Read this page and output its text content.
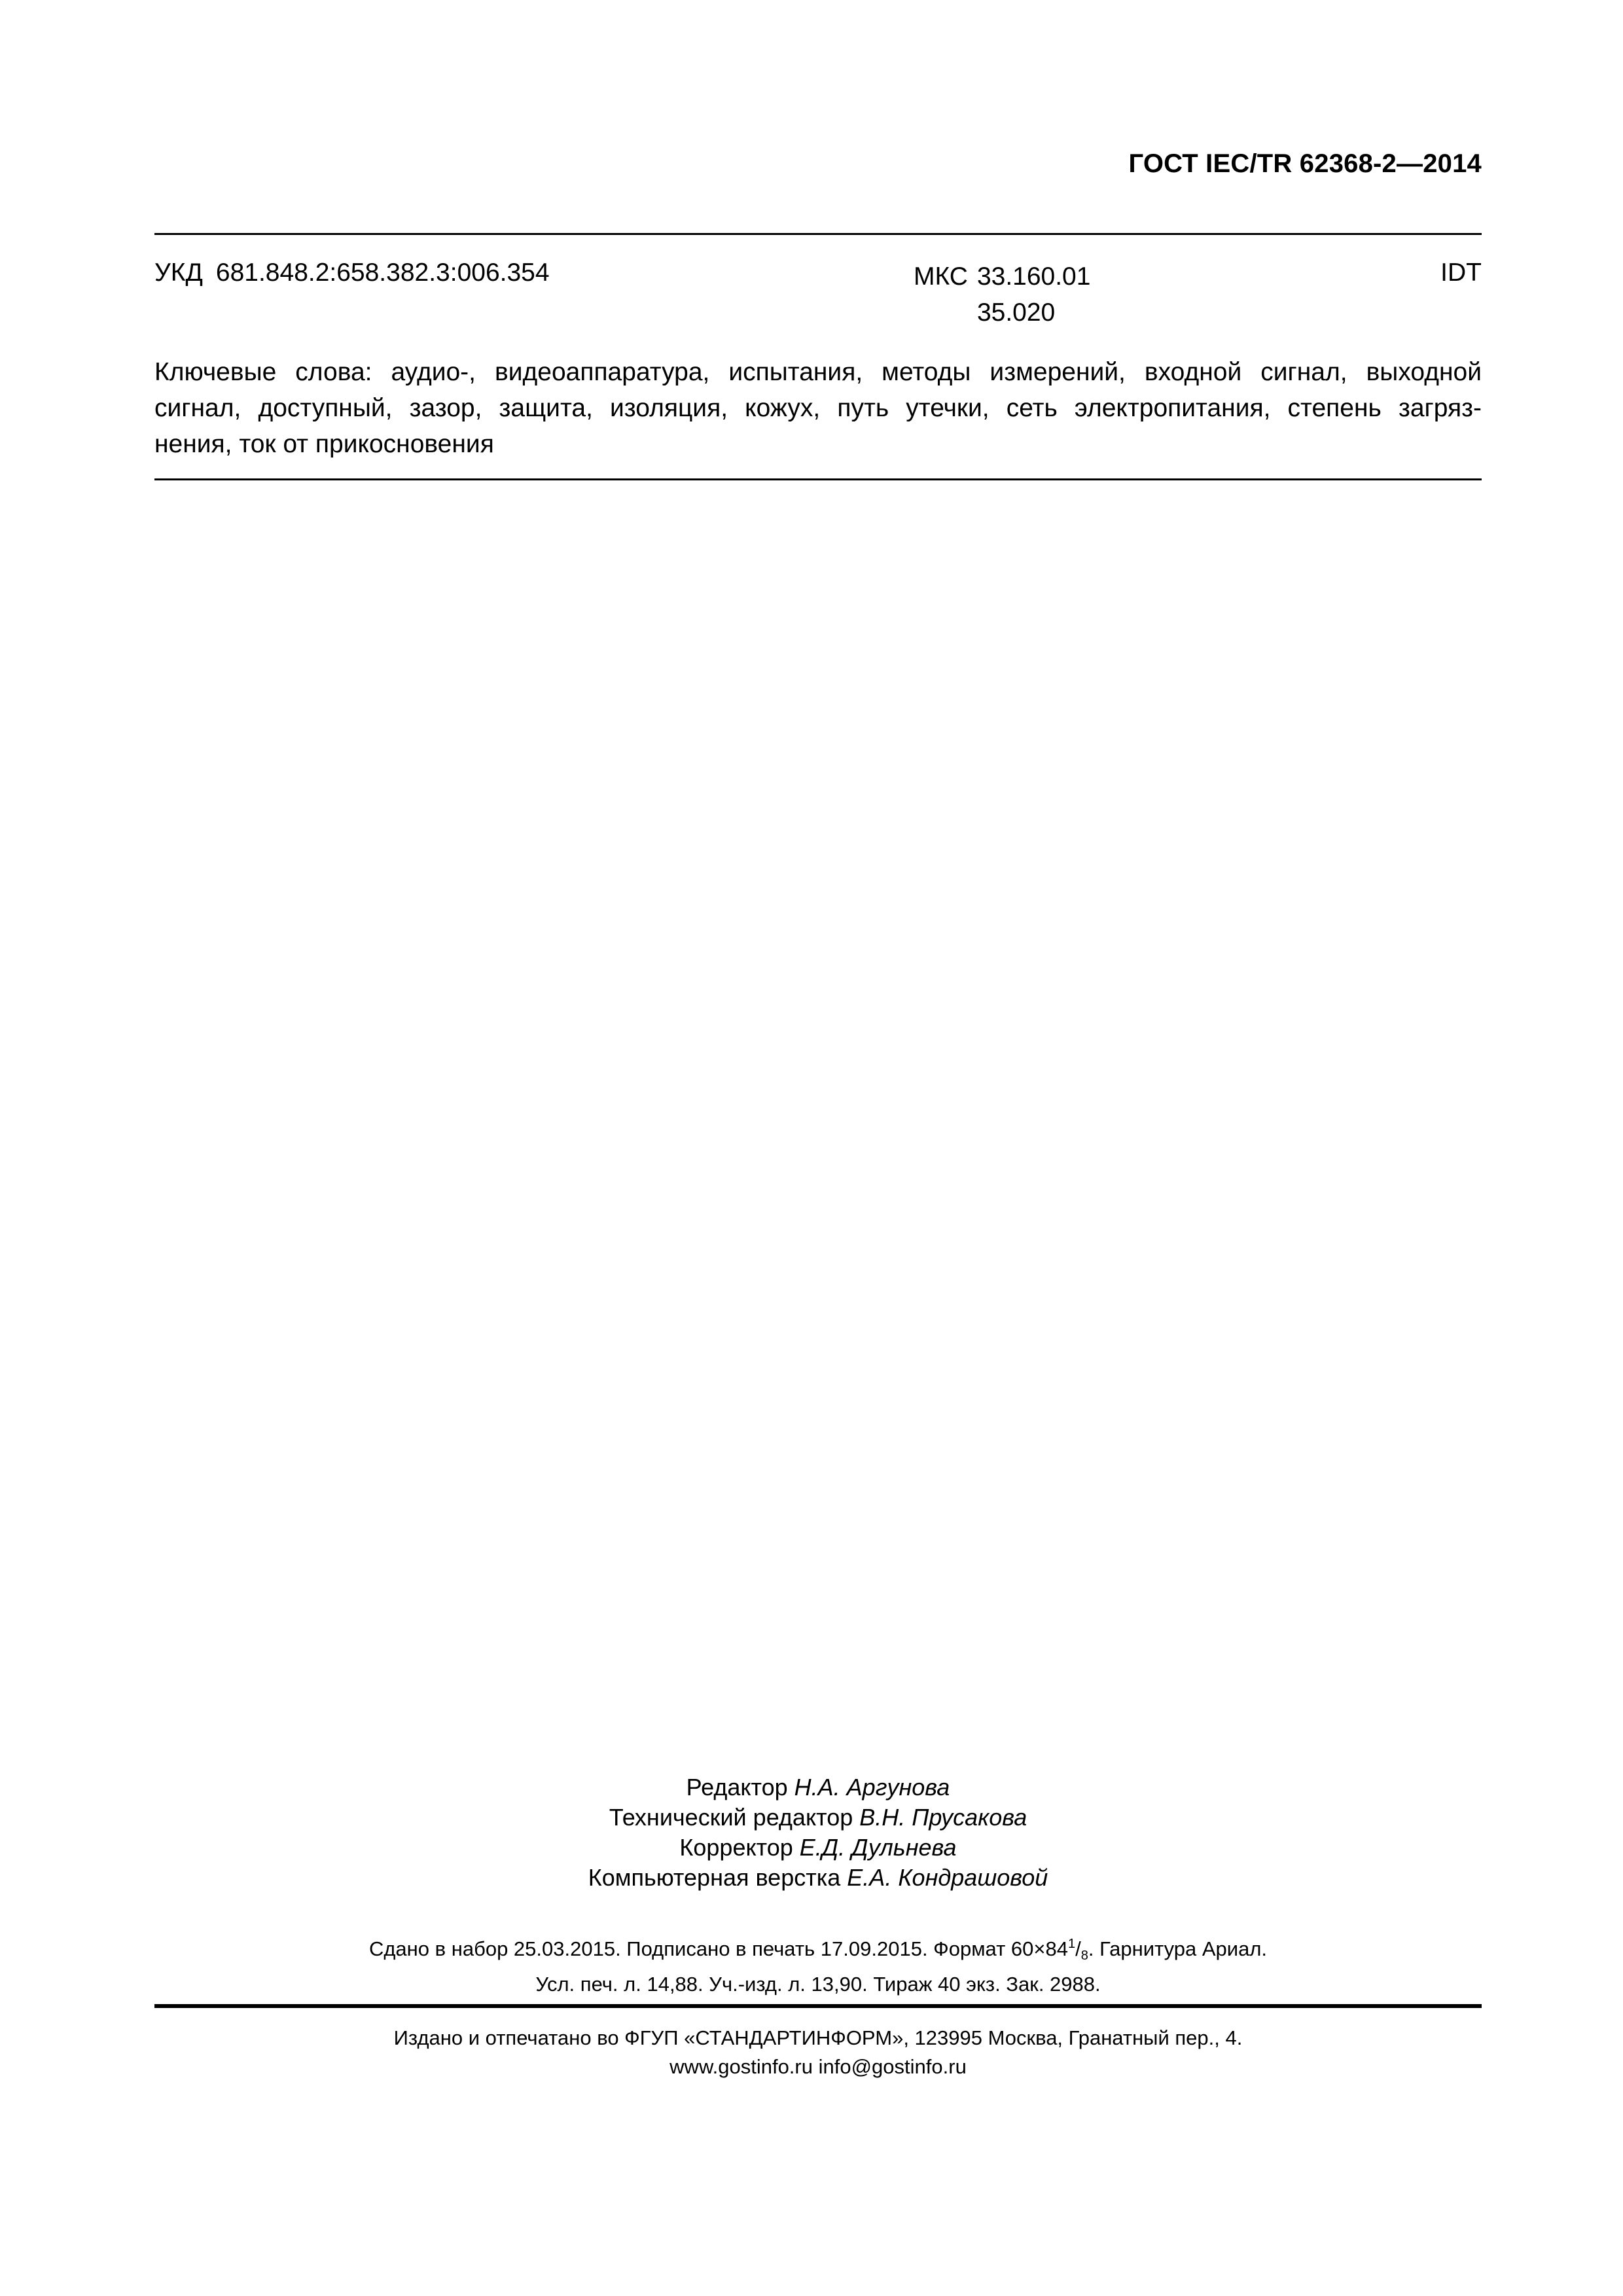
ГОСТ IEC/TR 62368-2—2014
УКД 681.848.2:658.382.3:006.354	МКС 33.160.01
35.020
IDT
Ключевые слова: аудио-, видеоаппаратура, испытания, методы измерений, входной сигнал, выходной
сигнал, доступный, зазор, защита, изоляция, кожух, путь утечки, сеть электропитания, степень загряз-
нения, ток от прикосновения
Редактор Н.А. Аргунова
Технический редактор В.Н. Прусакова
Корректор Е.Д. Дульнева
Компьютерная верстка Е.А. Кондрашовой
Сдано в набор 25.03.2015. Подписано в печать 17.09.2015. Формат $60\times 84^1/8$. Гарнитура Ариал.
Усл. печ. л. 14,88. Уч.-изд. л. 13,90. Тираж 40 экз. Зак. 2988.
Издано и отпечатано во ФГУП «СТАНДАРТИНФОРМ», 123995 Москва, Гранатный пер., 4.
www.gostinfo.ru info@gostinfo.ru
